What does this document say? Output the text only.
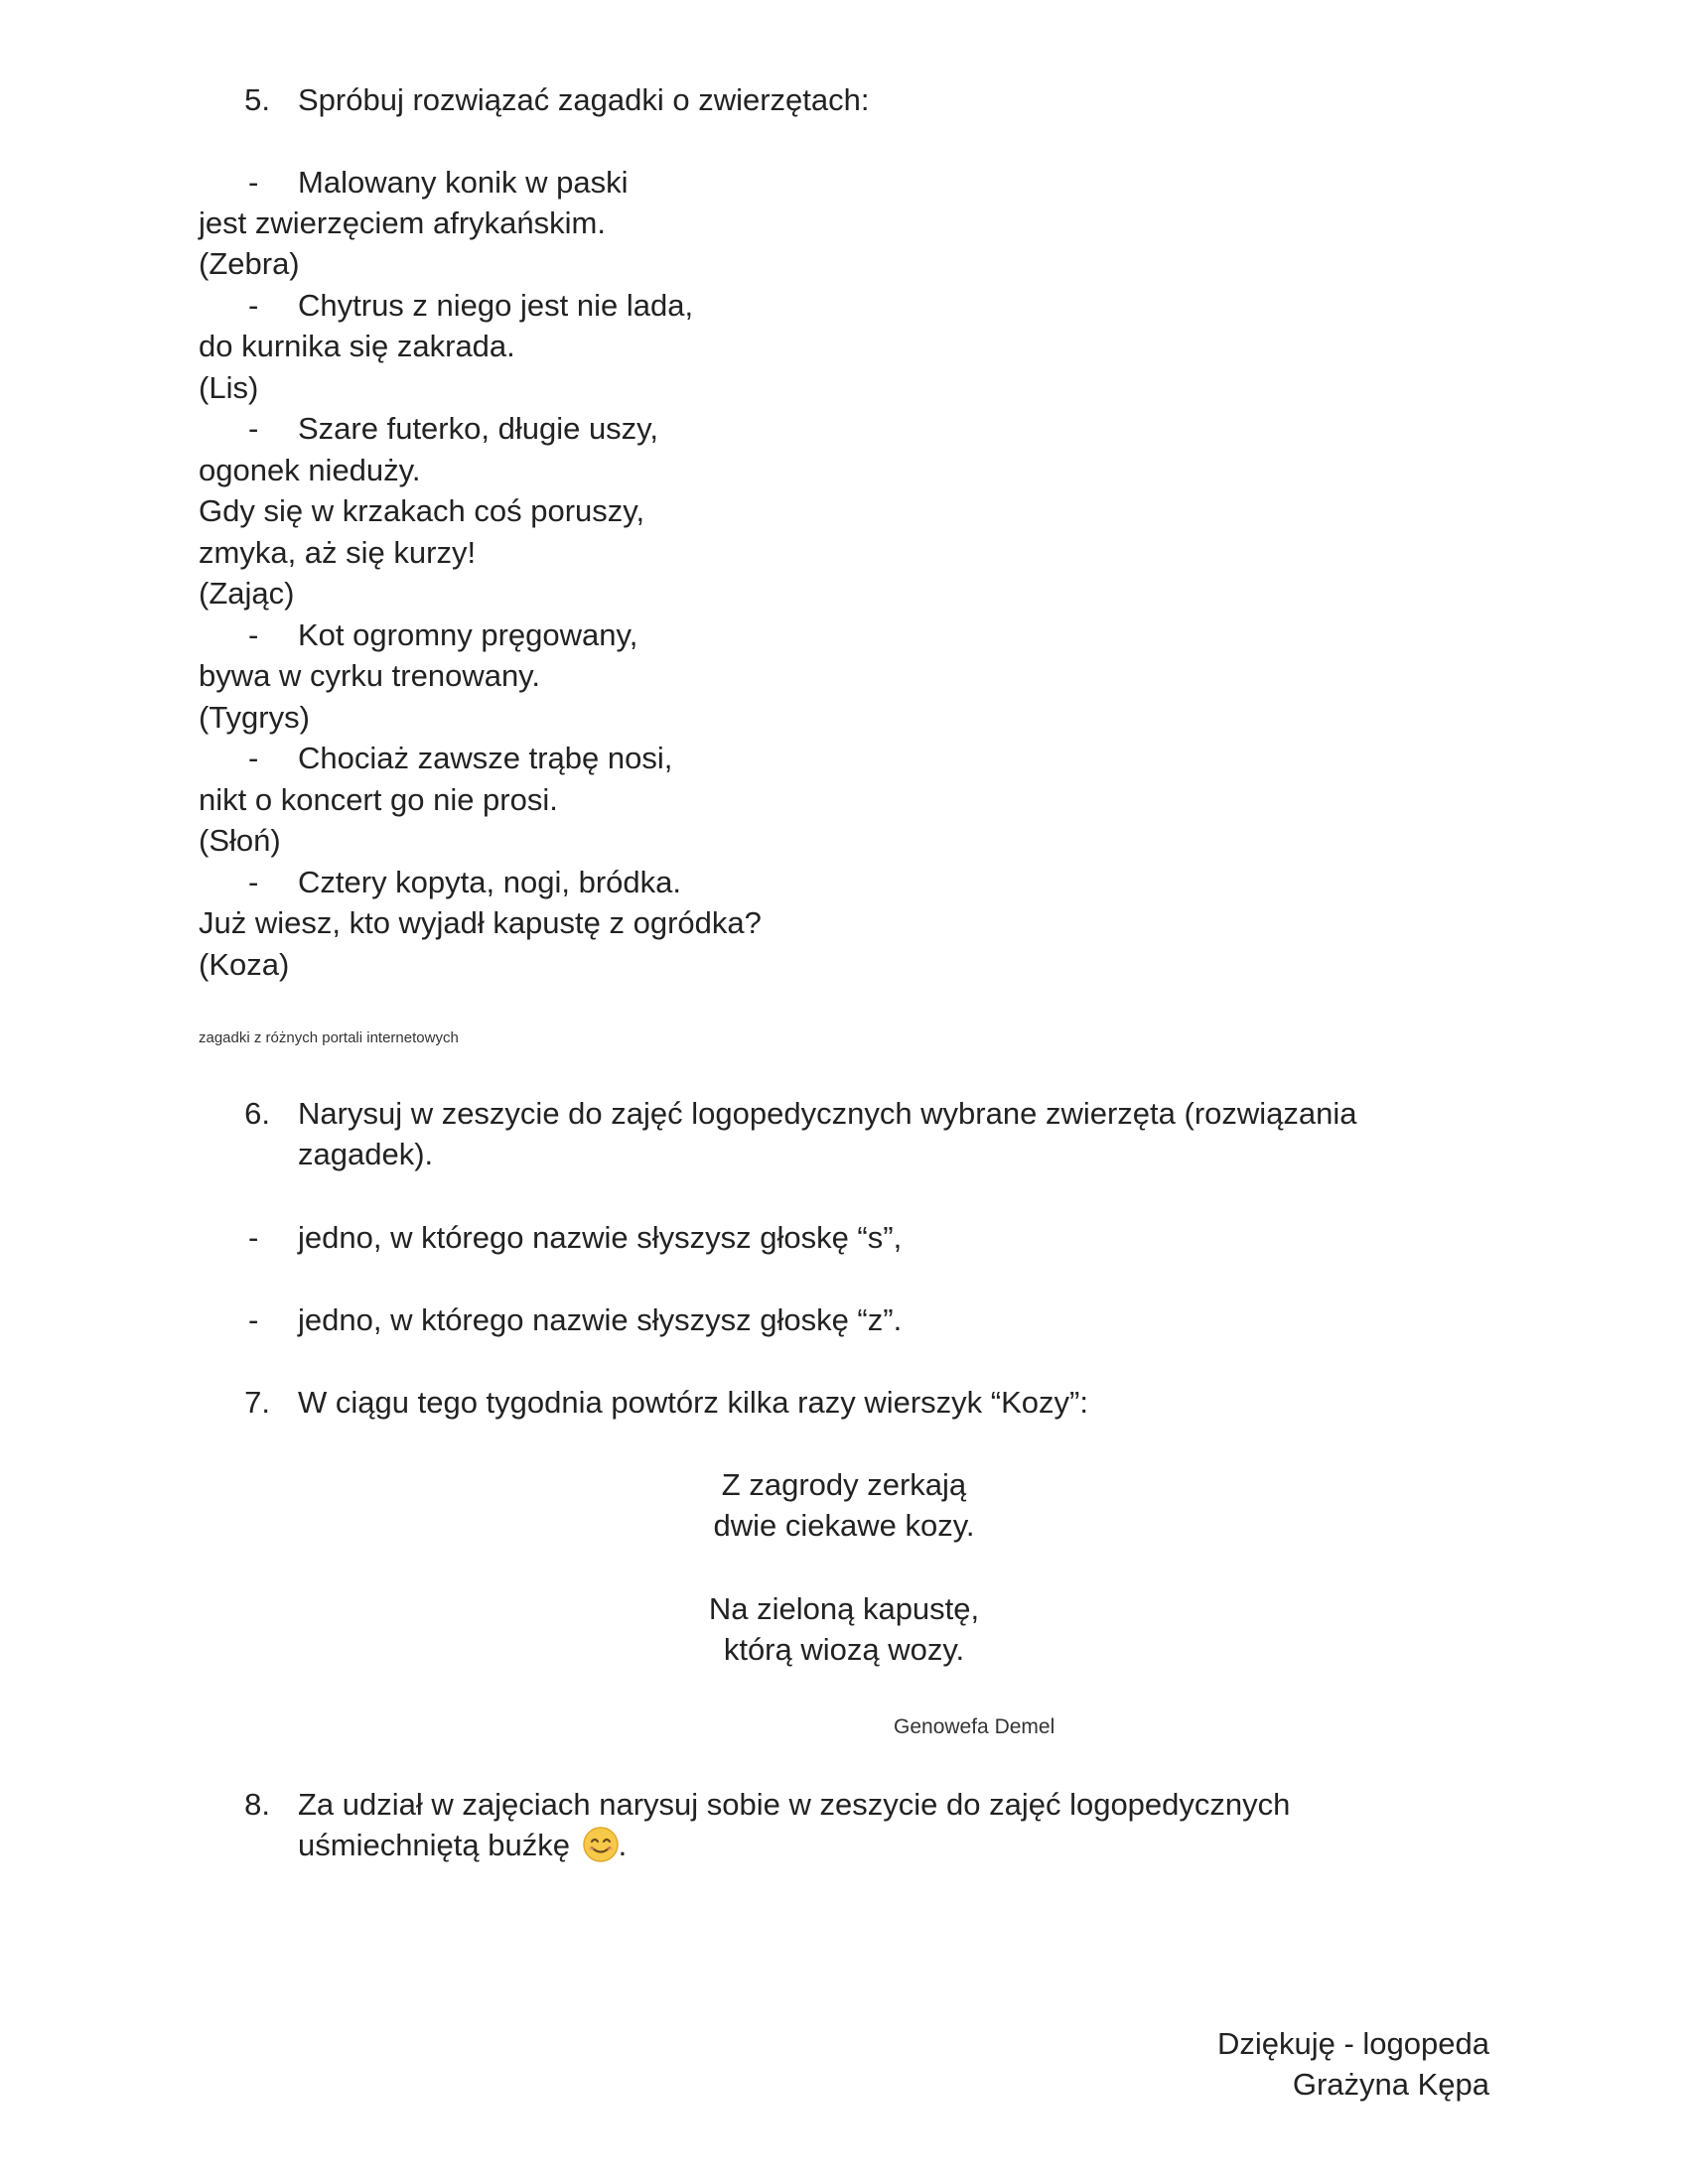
5. Spróbuj rozwiązać zagadki o zwierzętach:
- Malowany konik w paski
jest zwierzęciem afrykańskim.
(Zebra)
- Chytrus z niego jest nie lada,
do kurnika się zakrada.
(Lis)
- Szare futerko, długie uszy,
ogonek nieduży.
Gdy się w krzakach coś poruszy,
zmyka, aż się kurzy!
(Zając)
- Kot ogromny pręgowany,
bywa w cyrku trenowany.
(Tygrys)
- Chociaż zawsze trąbę nosi,
nikt o koncert go nie prosi.
(Słoń)
- Cztery kopyta, nogi, bródka.
Już wiesz, kto wyjadł kapustę z ogródka?
(Koza)
zagadki z różnych portali internetowych
6. Narysuj w zeszycie do zajęć logopedycznych wybrane zwierzęta (rozwiązania
zagadek).
- jedno, w którego nazwie słyszysz głoskę “s”,
- jedno, w którego nazwie słyszysz głoskę “z”.
7. W ciągu tego tygodnia powtórz kilka razy wierszyk “Kozy”:
Z zagrody zerkają
dwie ciekawe kozy.
Na zieloną kapustę,
którą wiozą wozy.
Genowefa Demel
8. Za udział w zajęciach narysuj sobie w zeszycie do zajęć logopedycznych
uśmiechniętą buźkę .
Dziękuję - logopeda
Grażyna Kępa
